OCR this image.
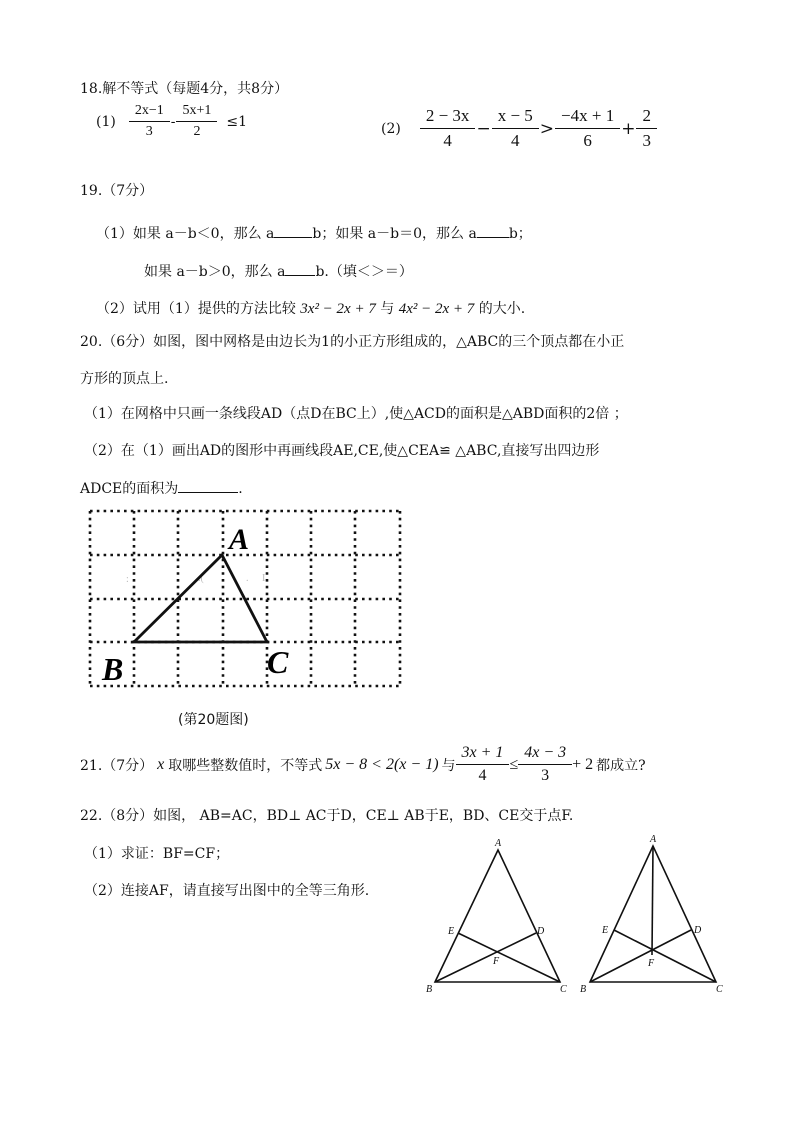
18.解不等式（每题4分，共8分）
$(1) \frac{2x-1}{3} - \frac{5x+1}{2} \le 1$	$(2) \frac{2 - 3x}{4} - \frac{x - 5}{4} > \frac{-4x + 1}{6} + \frac{2}{3}$
19.（7分）
（1）如果 a－b＜0，那么 a	b；如果 a－b＝0，那么 a b；
如果 a－b＞0，那么 a b.（填＜＞＝）
（2）试用（1）提供的方法比较 3x² − 2x + 7 与 4x² − 2x + 7 的大小.
20.（6分）如图，图中网格是由边长为1的小正方形组成的，△ABC的三个顶点都在小正
方形的顶点上.
（1）在网格中只画一条线段AD（点D在BC上）,使△ACD的面积是△ABD面积的2倍 ；
（2）在（1）画出AD的图形中再画线段AE,CE,使△CEA≌ △ABC,直接写出四边形
ADCE的面积为	.
:	.(	. I
A
B	C
(第20题图)
21.（7分） x 取哪些整数值时，不等式 5x − 8 < 2(x − 1) 与 $\frac{3x + 1}{4} \le \frac{4x - 3}{3} + 2$ 都成立?
22.（8分）如图， AB=AC，BD⊥ AC于D，CE⊥ AB于E，BD、CE交于点F.
（1）求证：BF=CF；
（2）连接AF，请直接写出图中的全等三角形.
A
B	C
D
E
F
A
B	C
D
E
F
